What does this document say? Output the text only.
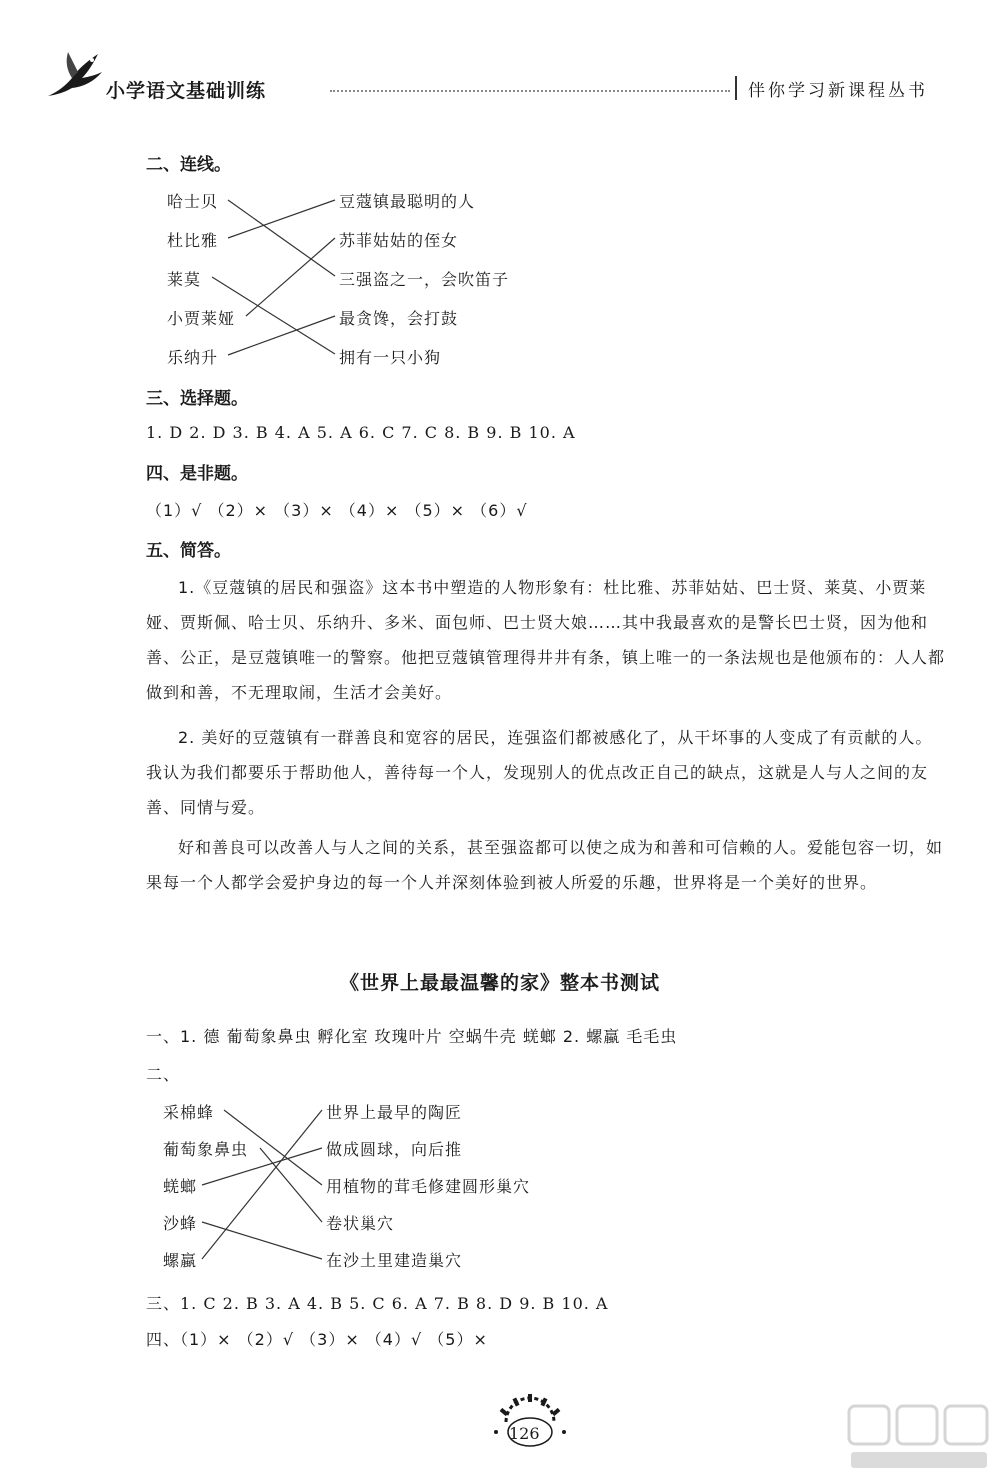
小学语文基础训练	伴你学习新课程丛书
二、连线。
哈士贝
杜比雅
莱莫
小贾莱娅
乐纳升
豆蔻镇最聪明的人
苏菲姑姑的侄女
三强盗之一，会吹笛子
最贪馋，会打鼓
拥有一只小狗
三、选择题。
1. D 2. D 3. B 4. A 5. A 6. C 7. C 8. B 9. B 10. A
四、是非题。
（1）√ （2）× （3）× （4）× （5）× （6）√
五、简答。
1.《豆蔻镇的居民和强盗》这本书中塑造的人物形象有：杜比雅、苏菲姑姑、巴士贤、莱莫、小贾莱娅、贾斯佩、哈士贝、乐纳升、多米、面包师、巴士贤大娘……其中我最喜欢的是警长巴士贤，因为他和善、公正，是豆蔻镇唯一的警察。他把豆蔻镇管理得井井有条，镇上唯一的一条法规也是他颁布的：人人都做到和善，不无理取闹，生活才会美好。
2. 美好的豆蔻镇有一群善良和宽容的居民，连强盗们都被感化了，从干坏事的人变成了有贡献的人。我认为我们都要乐于帮助他人，善待每一个人，发现别人的优点改正自己的缺点，这就是人与人之间的友善、同情与爱。
好和善良可以改善人与人之间的关系，甚至强盗都可以使之成为和善和可信赖的人。爱能包容一切，如果每一个人都学会爱护身边的每一个人并深刻体验到被人所爱的乐趣，世界将是一个美好的世界。
《世界上最最温馨的家》整本书测试
一、1. 德 葡萄象鼻虫 孵化室 玫瑰叶片 空蜗牛壳 蜣螂 2. 螺蠃 毛毛虫
二、
采棉蜂
葡萄象鼻虫
蜣螂
沙蜂
螺蠃
世界上最早的陶匠
做成圆球，向后推
用植物的茸毛修建圆形巢穴
卷状巢穴
在沙土里建造巢穴
三、1. C 2. B 3. A 4. B 5. C 6. A 7. B 8. D 9. B 10. A
四、（1）× （2）√ （3）× （4）√ （5）×
126
